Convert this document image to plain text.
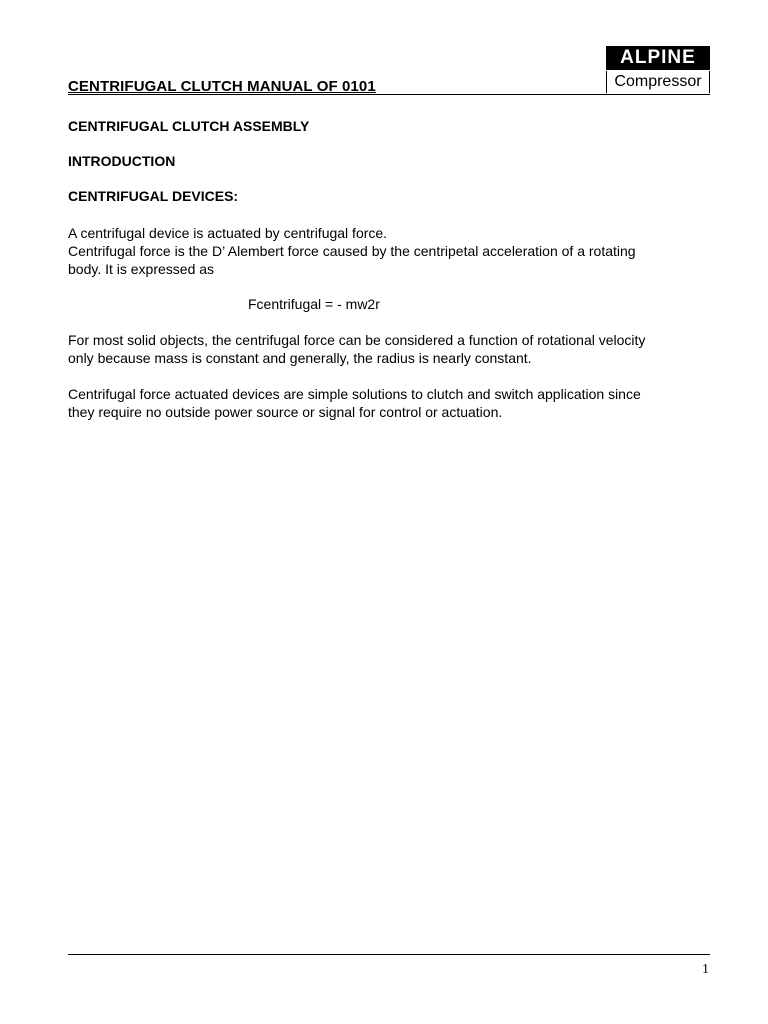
CENTRIFUGAL CLUTCH MANUAL OF 0101
ALPINE
Compressor
CENTRIFUGAL CLUTCH ASSEMBLY
INTRODUCTION
CENTRIFUGAL DEVICES:
A centrifugal device is actuated by centrifugal force.
Centrifugal force is the D’ Alembert force caused by the centripetal acceleration of a rotating
body. It is expressed as
Fcentrifugal = - mw2r
For most solid objects, the centrifugal force can be considered a function of rotational velocity
only because mass is constant and generally, the radius is nearly constant.
Centrifugal force actuated devices are simple solutions to clutch and switch application since
they require no outside power source or signal for control or actuation.
1
